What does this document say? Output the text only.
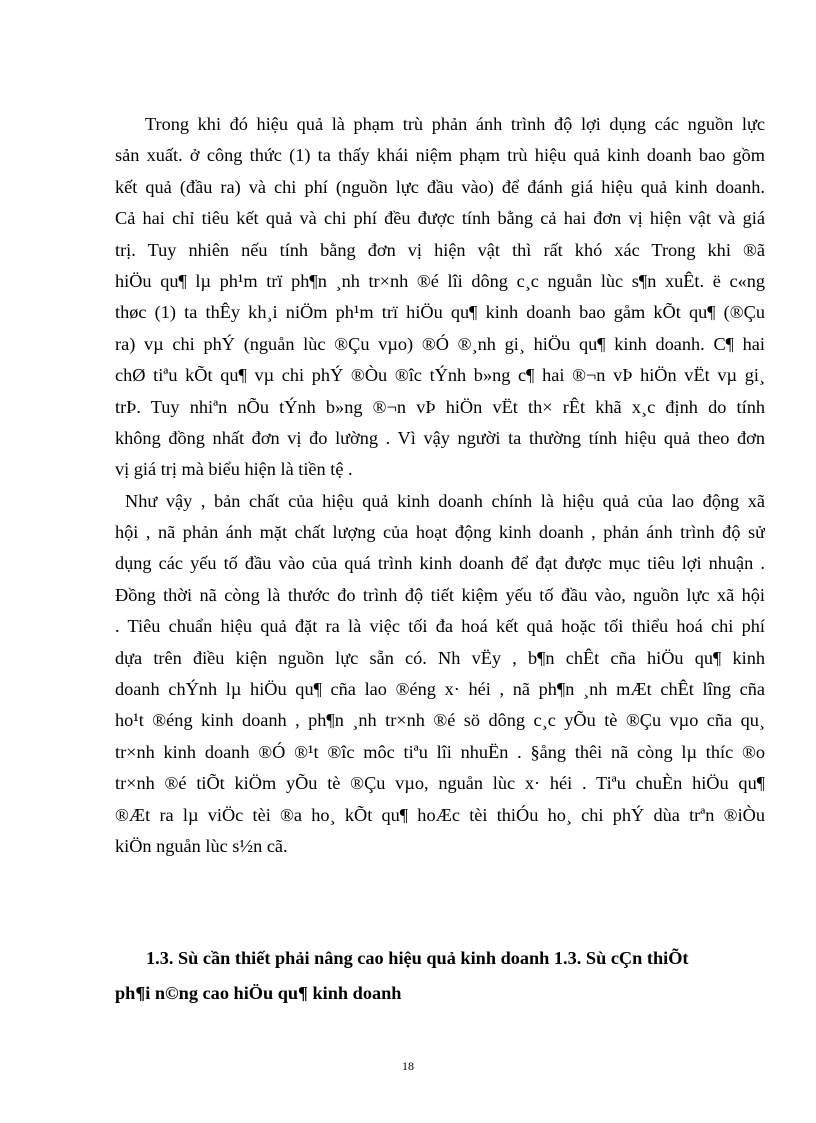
Trong khi đó hiệu quả là phạm trù phản ánh trình độ lợi dụng các nguồn lực
sản xuất. ở công thức (1) ta thấy khái niệm phạm trù hiệu quả kinh doanh bao gồm
kết quả (đầu ra) và chi phí (nguồn lực đầu vào) để đánh giá hiệu quả kinh doanh.
Cả hai chỉ tiêu kết quả và chi phí đều được tính bằng cả hai đơn vị hiện vật và giá
trị. Tuy nhiên nếu tính bằng đơn vị hiện vật thì rất khó xác Trong khi ®ã
hiÖu qu¶ lµ ph¹m trï ph¶n ¸nh tr×nh ®é lîi dông c¸c nguån lùc s¶n xuÊt. ë c«ng
thøc (1) ta thÊy kh¸i niÖm ph¹m trï hiÖu qu¶ kinh doanh bao gåm kÕt qu¶ (®Çu
ra) vµ chi phÝ (nguån lùc ®Çu vµo) ®Ó ®¸nh gi¸ hiÖu qu¶ kinh doanh. C¶ hai
chØ tiªu kÕt qu¶ vµ chi phÝ ®Òu ®îc tÝnh b»ng c¶ hai ®¬n vÞ hiÖn vËt vµ gi¸
trÞ. Tuy nhiªn nÕu tÝnh b»ng ®¬n vÞ hiÖn vËt th× rÊt khã x¸c định do tính
không đồng nhất đơn vị đo lường . Vì vậy người ta thường tính hiệu quả theo đơn
vị giá trị mà biểu hiện là tiền tệ .
Như vậy , bản chất của hiệu quả kinh doanh chính là hiệu quả của lao động xã
hội , nã phản ánh mặt chất lượng của hoạt động kinh doanh , phản ánh trình độ sử
dụng các yếu tố đầu vào của quá trình kinh doanh để đạt được mục tiêu lợi nhuận .
Đồng thời nã còng là thước đo trình độ tiết kiệm yếu tố đầu vào, nguồn lực xã hội
. Tiêu chuẩn hiệu quả đặt ra là việc tối đa hoá kết quả hoặc tối thiểu hoá chi phí
dựa trên điều kiện nguồn lực sẵn có. Nh vËy , b¶n chÊt cña hiÖu qu¶ kinh
doanh chÝnh lµ hiÖu qu¶ cña lao ®éng x· héi , nã ph¶n ¸nh mÆt chÊt lîng cña
ho¹t ®éng kinh doanh , ph¶n ¸nh tr×nh ®é sö dông c¸c yÕu tè ®Çu vµo cña qu¸
tr×nh kinh doanh ®Ó ®¹t ®îc môc tiªu lîi nhuËn . §ång thêi nã còng lµ thíc ®o
tr×nh ®é tiÕt kiÖm yÕu tè ®Çu vµo, nguån lùc x· héi . Tiªu chuÈn hiÖu qu¶
®Æt ra lµ viÖc tèi ®a ho¸ kÕt qu¶ hoÆc tèi thiÓu ho¸ chi phÝ dùa trªn ®iÒu
kiÖn nguån lùc s½n cã.
1.3. Sù cần thiết phải nâng cao hiệu quả kinh doanh 1.3. Sù cÇn thiÕt
ph¶i n©ng cao hiÖu qu¶ kinh doanh
18
